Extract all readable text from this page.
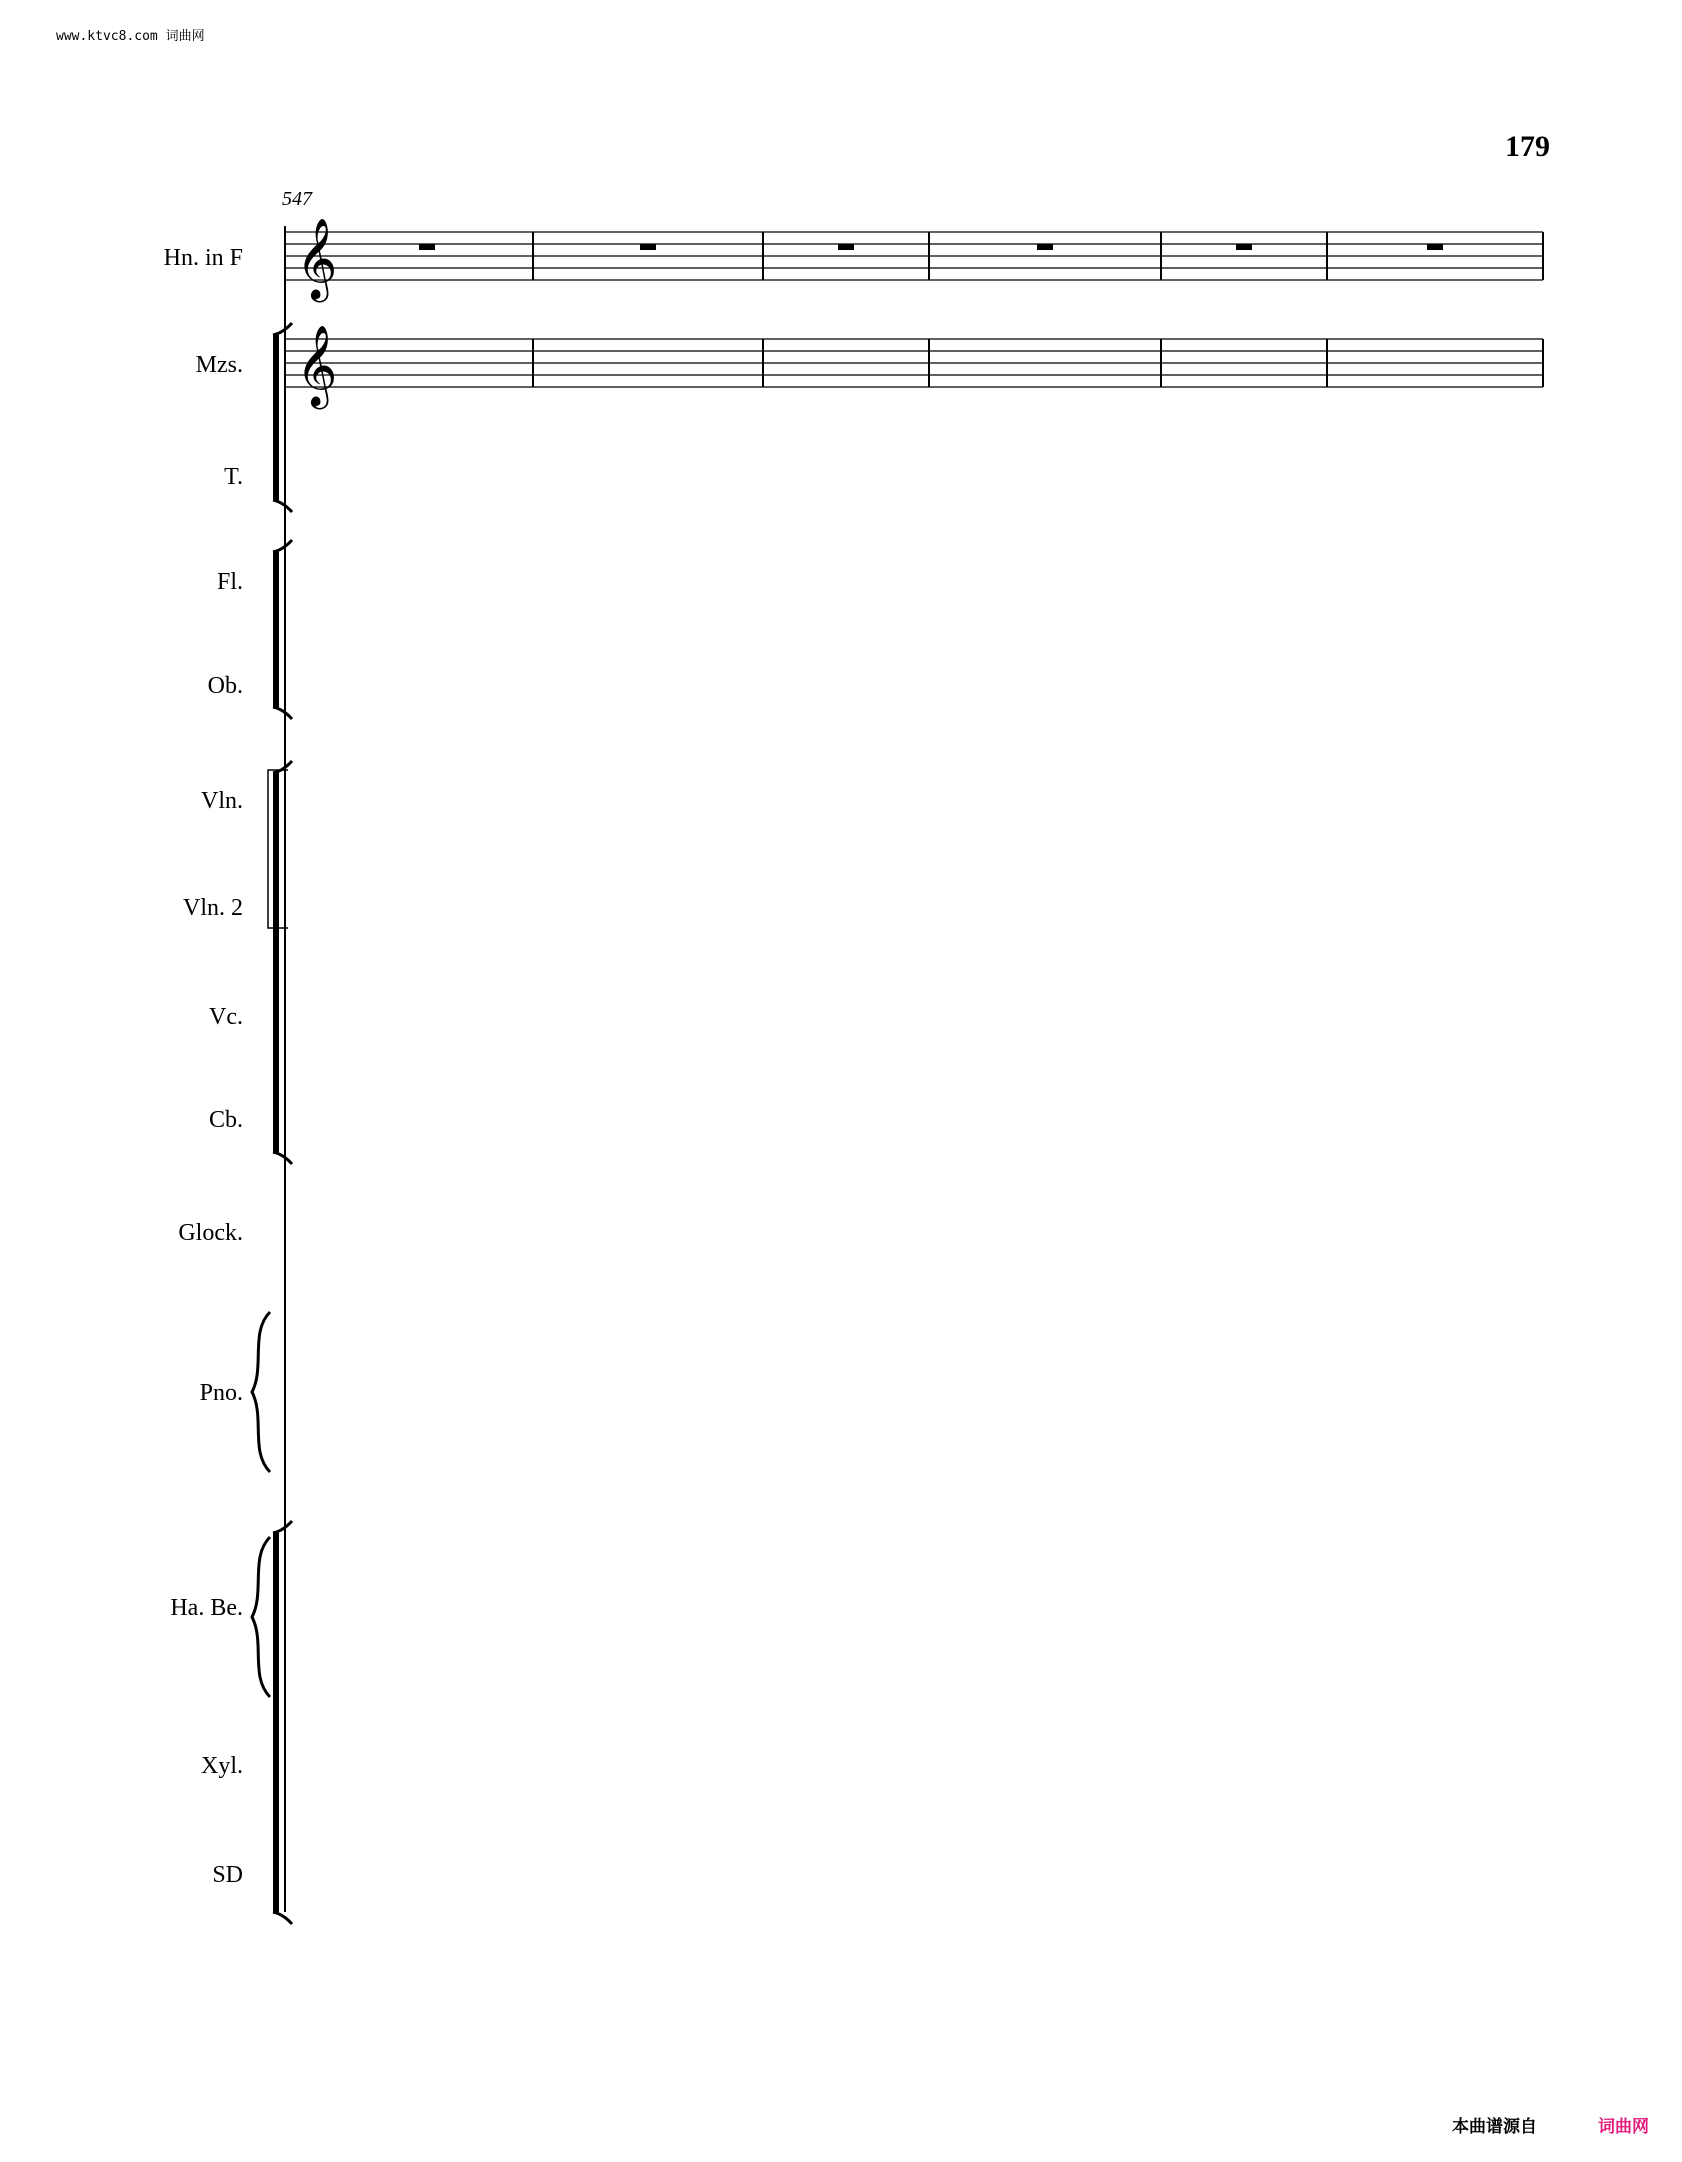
www.ktvc8.com 词曲网
179
547
Hn. in F
Mzs.
T.
Fl.
Ob.
Vln.
Vln. 2
Vc.
Cb.
Glock.
Pno.
Ha. Be.
Xyl.
SD
𝄞
𝄞
本曲谱源自	词曲网
